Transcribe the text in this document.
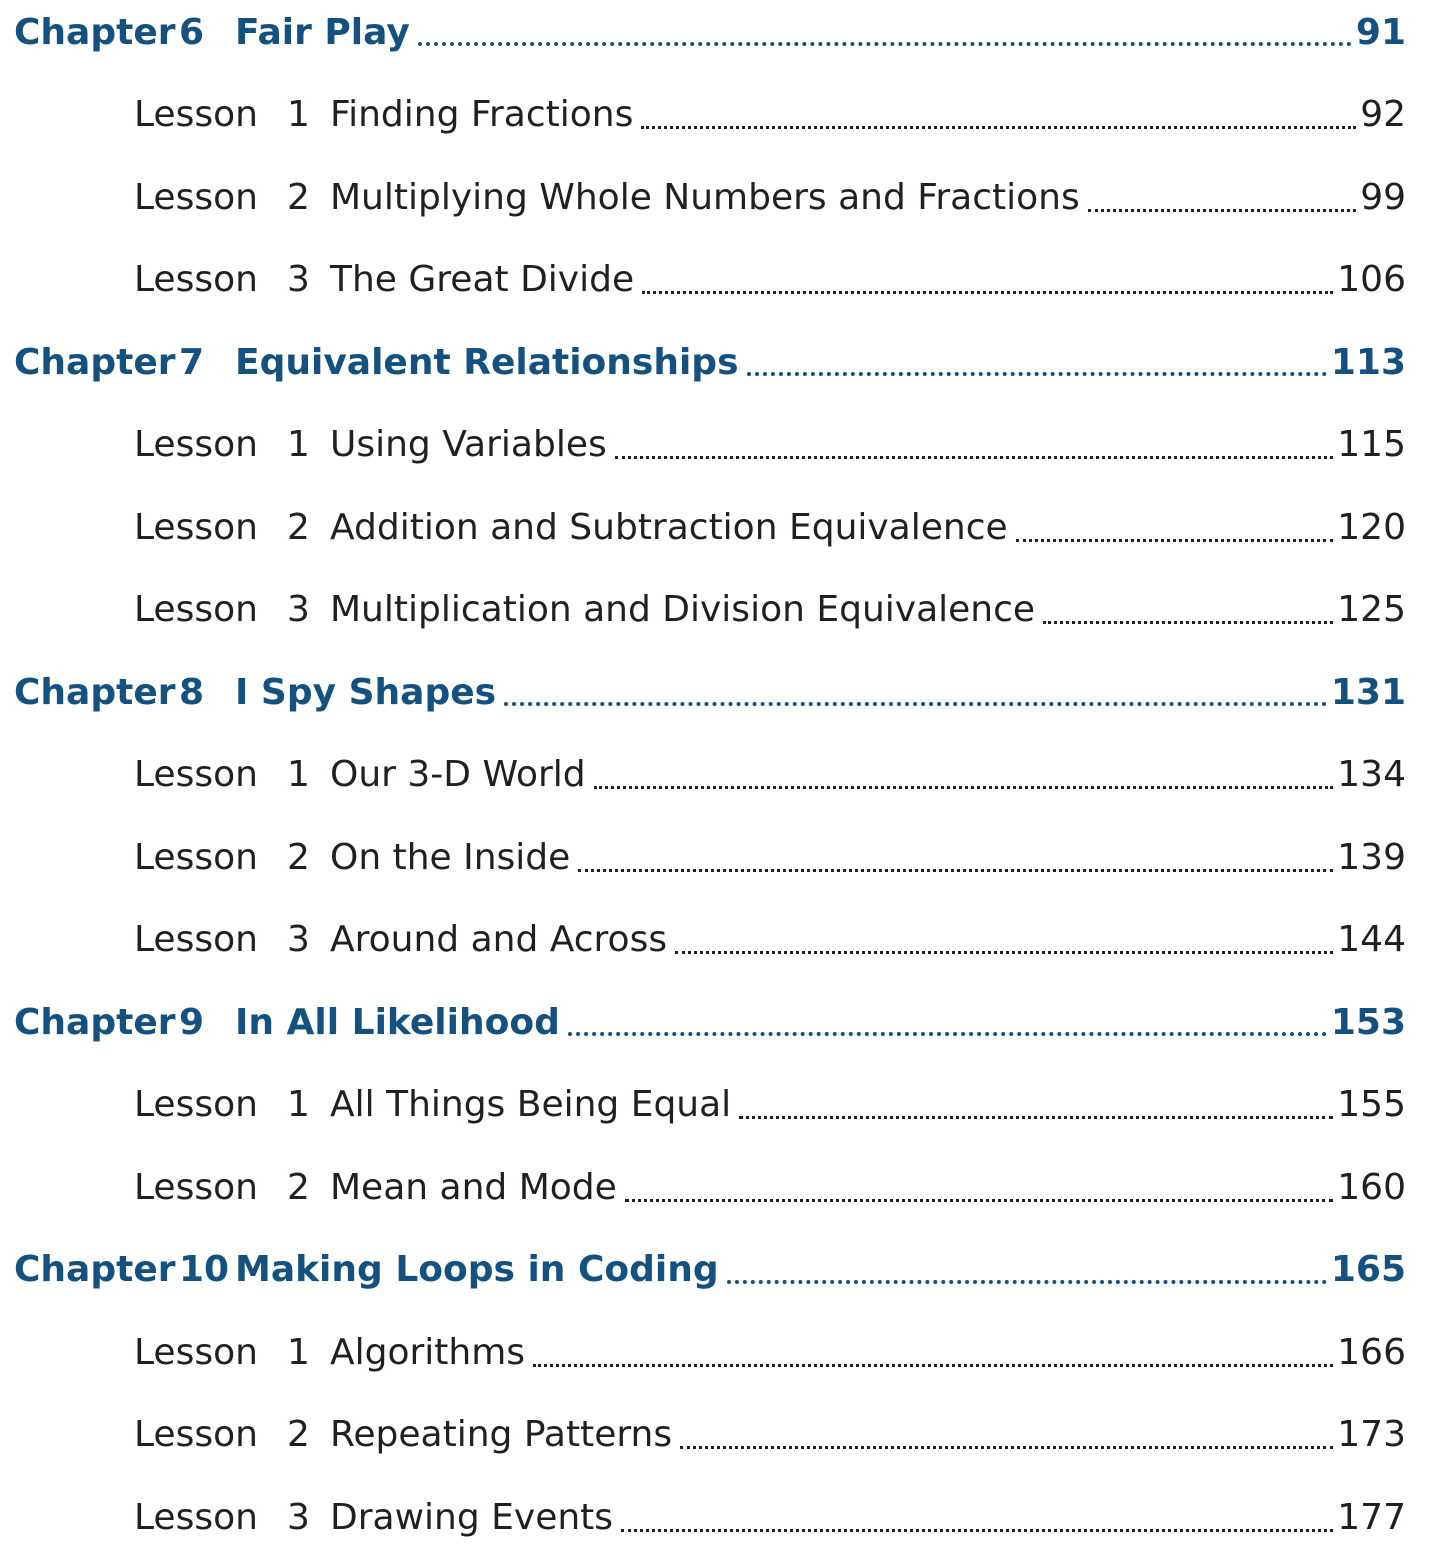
Chapter 6 Fair Play	91
Lesson 1 Finding Fractions	92
Lesson 2 Multiplying Whole Numbers and Fractions	99
Lesson 3 The Great Divide	106
Chapter 7 Equivalent Relationships	113
Lesson 1 Using Variables	115
Lesson 2 Addition and Subtraction Equivalence	120
Lesson 3 Multiplication and Division Equivalence	125
Chapter 8 I Spy Shapes	131
Lesson 1 Our 3-D World	134
Lesson 2 On the Inside	139
Lesson 3 Around and Across	144
Chapter 9 In All Likelihood	153
Lesson 1 All Things Being Equal	155
Lesson 2 Mean and Mode	160
Chapter 10 Making Loops in Coding	165
Lesson 1 Algorithms	166
Lesson 2 Repeating Patterns	173
Lesson 3 Drawing Events	177
